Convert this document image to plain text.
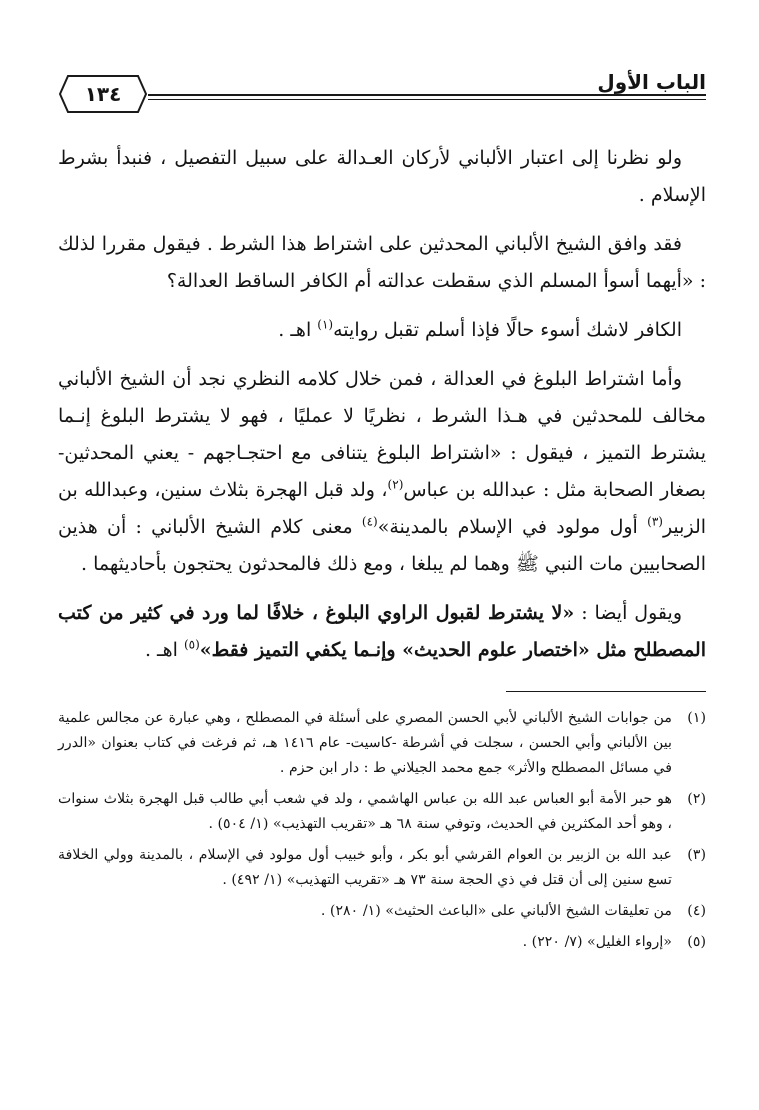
الباب الأول
١٣٤

ولو نظرنا إلى اعتبار الألباني لأركان العـدالة على سبيل التفصيل ، فنبدأ بشرط الإسلام .

فقد وافق الشيخ الألباني المحدثين على اشتراط هذا الشرط . فيقول مقررا لذلك : «أيهما أسوأ المسلم الذي سقطت عدالته أم الكافر الساقط العدالة؟

الكافر لاشك أسوء حالًا فإذا أسلم تقبل روايته$^{(١)}$ اهـ .

وأما اشتراط البلوغ في العدالة ، فمن خلال كلامه النظري نجد أن الشيخ الألباني مخالف للمحدثين في هـذا الشرط ، نظريًا لا عمليًا ، فهو لا يشترط البلوغ إنـما يشترط التميز ، فيقول : «اشتراط البلوغ يتنافى مع احتجـاجهم - يعني المحدثين- بصغار الصحابة مثل : عبدالله بن عباس$^{(٢)}$، ولد قبل الهجرة بثلاث سنين، وعبدالله بن الزبير$^{(٣)}$ أول مولود في الإسلام بالمدينة»$^{(٤)}$ معنى كلام الشيخ الألباني : أن هذين الصحابيين مات النبي ﷺ وهما لم يبلغا ، ومع ذلك فالمحدثون يحتجون بأحاديثهما .

ويقول أيضا : «لا يشترط لقبول الراوي البلوغ ، خلافًا لما ورد في كثير من كتب المصطلح مثل «اختصار علوم الحديث» وإنـما يكفي التميز فقط»$^{(٥)}$ اهـ .

(١)
من جوابات الشيخ الألباني لأبي الحسن المصري على أسئلة في المصطلح ، وهي عبارة عن مجالس علمية بين الألباني وأبي الحسن ، سجلت في أشرطة -كاسيت- عام ١٤١٦ هـ، ثم فرغت في كتاب بعنوان «الدرر في مسائل المصطلح والأثر» جمع محمد الجيلاني ط : دار ابن حزم .
(٢)
هو حبر الأمة أبو العباس عبد الله بن عباس الهاشمي ، ولد في شعب أبي طالب قبل الهجرة بثلاث سنوات ، وهو أحد المكثرين في الحديث، وتوفي سنة ٦٨ هـ «تقريب التهذيب» (١/ ٥٠٤) .
(٣)
عبد الله بن الزبير بن العوام القرشي أبو بكر ، وأبو خبيب أول مولود في الإسلام ، بالمدينة وولي الخلافة تسع سنين إلى أن قتل في ذي الحجة سنة ٧٣ هـ «تقريب التهذيب» (١/ ٤٩٢) .
(٤)
من تعليقات الشيخ الألباني على «الباعث الحثيث» (١/ ٢٨٠) .
(٥)
«إرواء الغليل» (٧/ ٢٢٠) .
